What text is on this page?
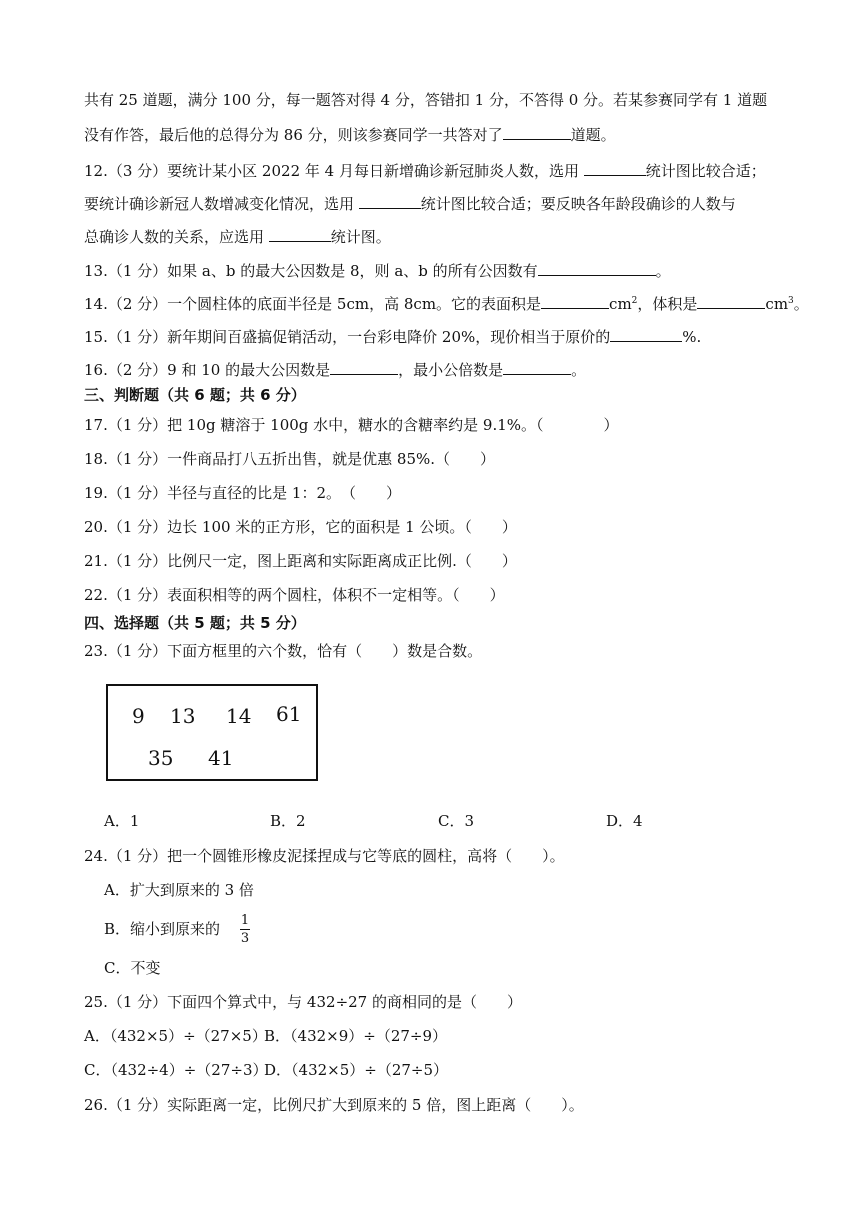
共有 25 道题，满分 100 分，每一题答对得 4 分，答错扣 1 分，不答得 0 分。若某参赛同学有 1 道题
没有作答，最后他的总得分为 86 分，则该参赛同学一共答对了	道题。
12.（3 分）要统计某小区 2022 年 4 月每日新增确诊新冠肺炎人数，选用	统计图比较合适；
要统计确诊新冠人数增减变化情况，选用	统计图比较合适；要反映各年龄段确诊的人数与
总确诊人数的关系，应选用	统计图。
13.（1 分）如果 a、b 的最大公因数是 8，则 a、b 的所有公因数有	。
14.（2 分）一个圆柱体的底面半径是 5cm，高 8cm。它的表面积是	$cm^2$，体积是	$cm^3$。
15.（1 分）新年期间百盛搞促销活动，一台彩电降价 20%，现价相当于原价的	%.
16.（2 分）9 和 10 的最大公因数是	，最小公倍数是	。
三、判断题（共 6 题；共 6 分）
17.（1 分）把 10g 糖溶于 100g 水中，糖水的含糖率约是 9.1%。（　　　　）
18.（1 分）一件商品打八五折出售，就是优惠 85%.（　　）
19.（1 分）半径与直径的比是 1：2。　（　　）
20.（1 分）边长 100 米的正方形，它的面积是 1 公顷。（　　）
21.（1 分）比例尺一定，图上距离和实际距离成正比例.（　　）
22.（1 分）表面积相等的两个圆柱，体积不一定相等。（　　）
四、选择题（共 5 题；共 5 分）
23.（1 分）下面方框里的六个数，恰有（　　）数是合数。
9 13 14 61
35 41
A．1	B．2	C．3	D．4
24.（1 分）把一个圆锥形橡皮泥揉捏成与它等底的圆柱，高将（　　）。
A．扩大到原来的 3 倍
B．缩小到原来的 1
3
C．不变
25.（1 分）下面四个算式中，与 432÷27 的商相同的是（　　）
A．（432×5）÷（27×5）
B．（432×9）÷（27÷9）
C．（432÷4）÷（27÷3）
D．（432×5）÷（27÷5）
26.（1 分）实际距离一定，比例尺扩大到原来的 5 倍，图上距离（　　）。
